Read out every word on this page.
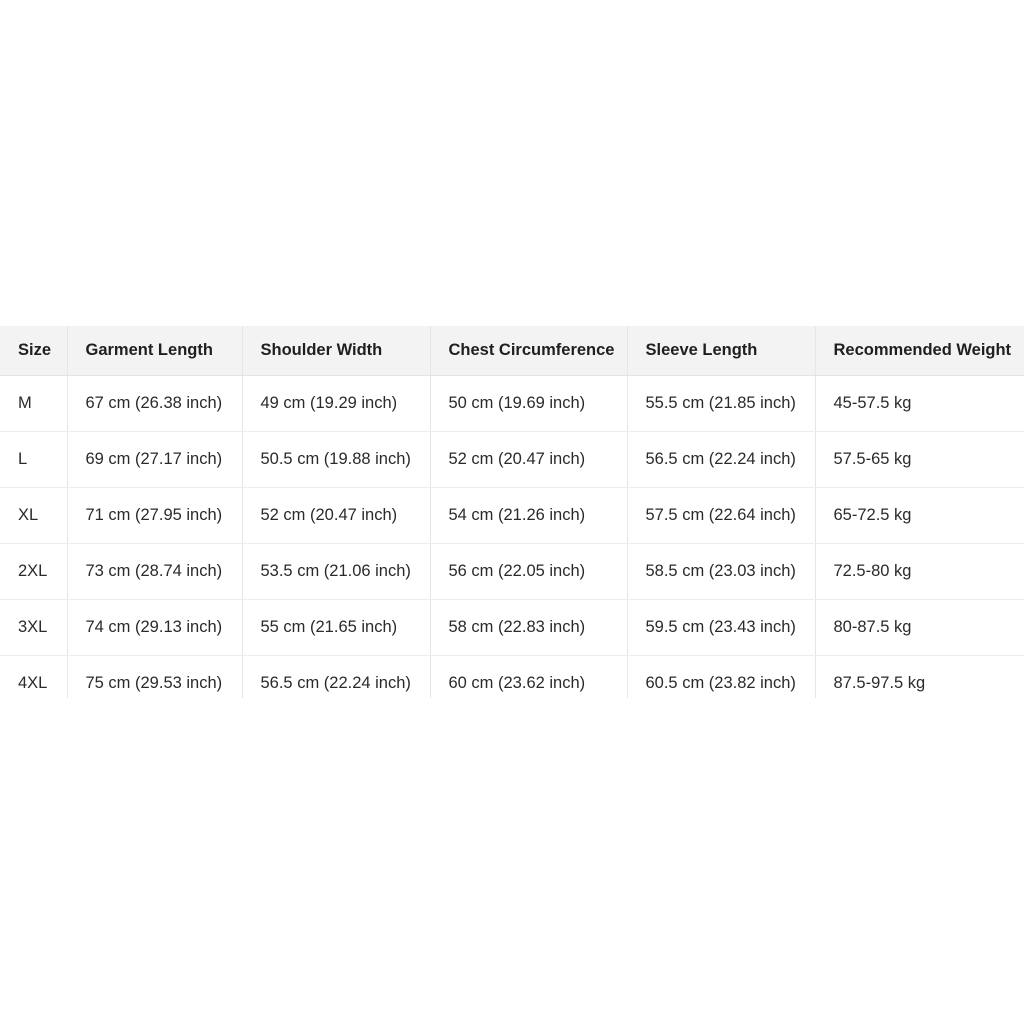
Size	Garment Length	Shoulder Width	Chest Circumference	Sleeve Length	Recommended Weight
M	67 cm (26.38 inch)	49 cm (19.29 inch)	50 cm (19.69 inch)	55.5 cm (21.85 inch)	45-57.5 kg
L	69 cm (27.17 inch)	50.5 cm (19.88 inch)	52 cm (20.47 inch)	56.5 cm (22.24 inch)	57.5-65 kg
XL	71 cm (27.95 inch)	52 cm (20.47 inch)	54 cm (21.26 inch)	57.5 cm (22.64 inch)	65-72.5 kg
2XL	73 cm (28.74 inch)	53.5 cm (21.06 inch)	56 cm (22.05 inch)	58.5 cm (23.03 inch)	72.5-80 kg
3XL	74 cm (29.13 inch)	55 cm (21.65 inch)	58 cm (22.83 inch)	59.5 cm (23.43 inch)	80-87.5 kg
4XL	75 cm (29.53 inch)	56.5 cm (22.24 inch)	60 cm (23.62 inch)	60.5 cm (23.82 inch)	87.5-97.5 kg
